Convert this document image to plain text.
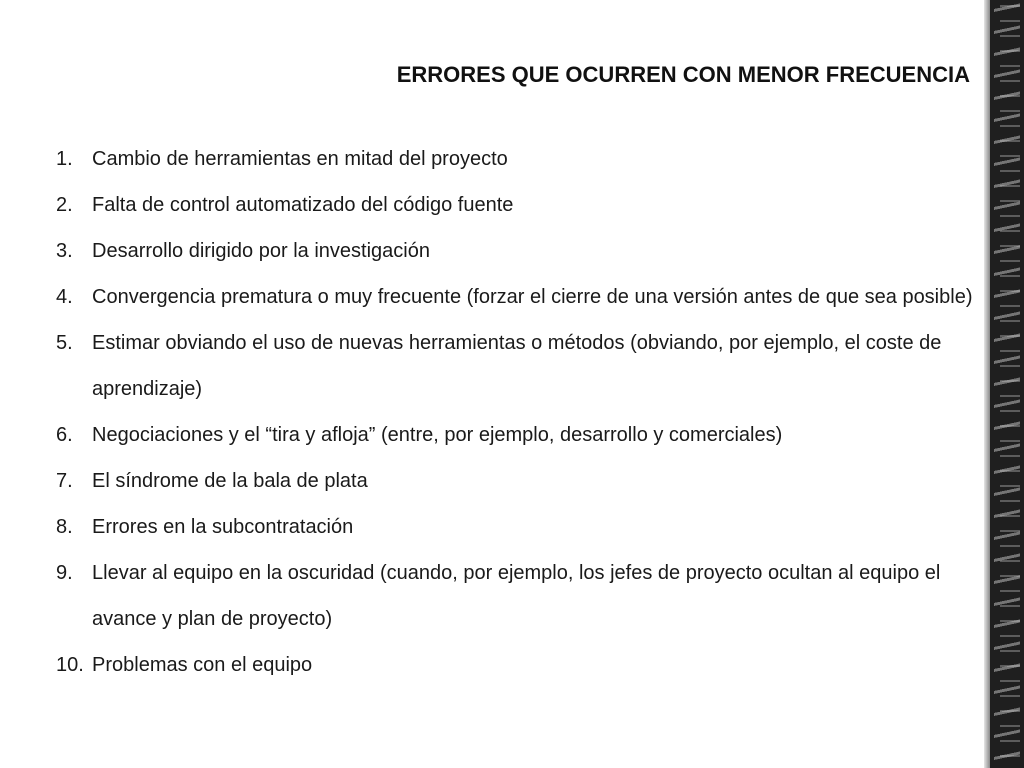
ERRORES QUE OCURREN CON MENOR FRECUENCIA
1. Cambio de herramientas en mitad del proyecto
2. Falta de control automatizado del código fuente
3. Desarrollo dirigido por la investigación
4. Convergencia prematura o muy frecuente (forzar el cierre de una versión antes de que sea posible)
5. Estimar obviando el uso de nuevas herramientas o métodos (obviando, por ejemplo, el coste de aprendizaje)
6. Negociaciones y el “tira y afloja” (entre, por ejemplo, desarrollo y comerciales)
7. El síndrome de la bala de plata
8. Errores en la subcontratación
9. Llevar al equipo en la oscuridad (cuando, por ejemplo, los jefes de proyecto ocultan al equipo el avance y plan de proyecto)
10. Problemas con el equipo
